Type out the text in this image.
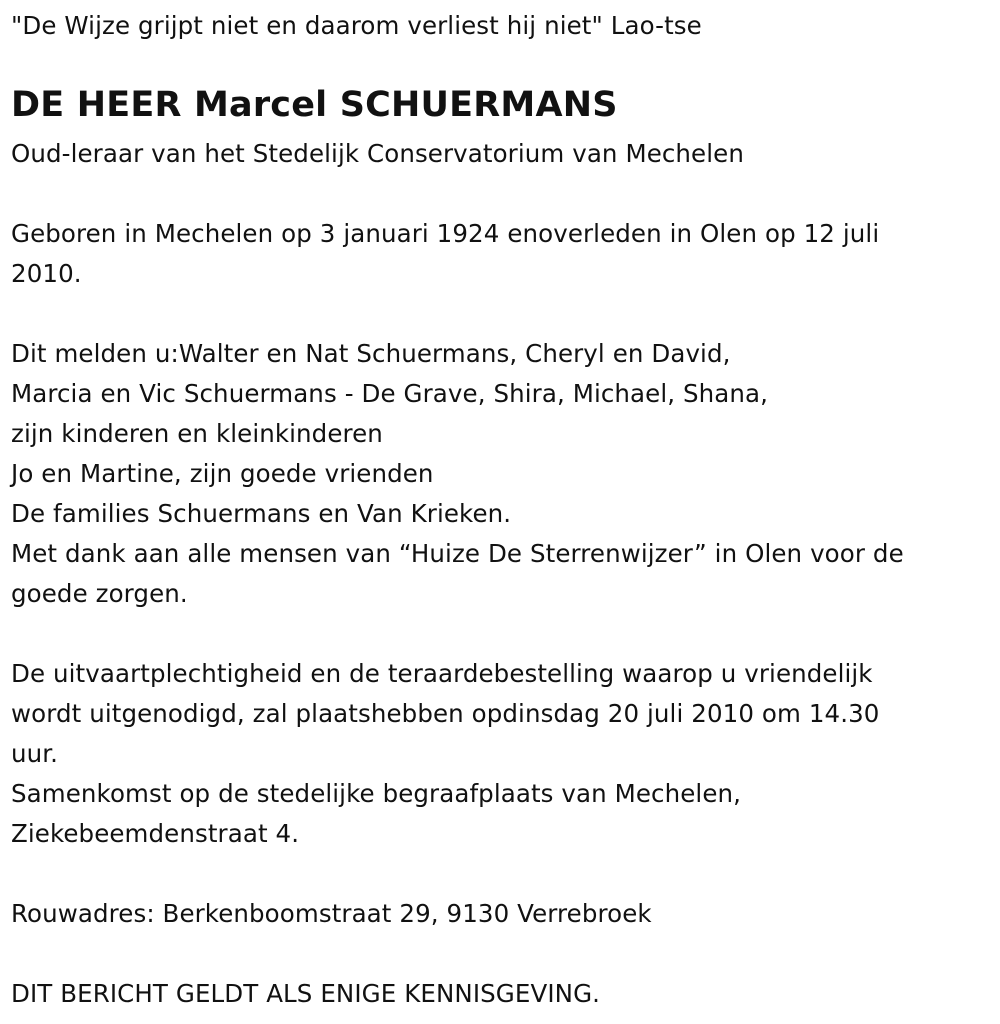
"De Wijze grijpt niet en daarom verliest hij niet" Lao-tse
DE HEER Marcel SCHUERMANS
Oud-leraar van het Stedelijk Conservatorium van Mechelen
Geboren in Mechelen op 3 januari 1924 enoverleden in Olen op 12 juli
2010.
Dit melden u:Walter en Nat Schuermans, Cheryl en David,
Marcia en Vic Schuermans - De Grave, Shira, Michael, Shana,
zijn kinderen en kleinkinderen
Jo en Martine, zijn goede vrienden
De families Schuermans en Van Krieken.
Met dank aan alle mensen van “Huize De Sterrenwijzer” in Olen voor de
goede zorgen.
De uitvaartplechtigheid en de teraardebestelling waarop u vriendelijk
wordt uitgenodigd, zal plaatshebben opdinsdag 20 juli 2010 om 14.30
uur.
Samenkomst op de stedelijke begraafplaats van Mechelen,
Ziekebeemdenstraat 4.
Rouwadres: Berkenboomstraat 29, 9130 Verrebroek
DIT BERICHT GELDT ALS ENIGE KENNISGEVING.
